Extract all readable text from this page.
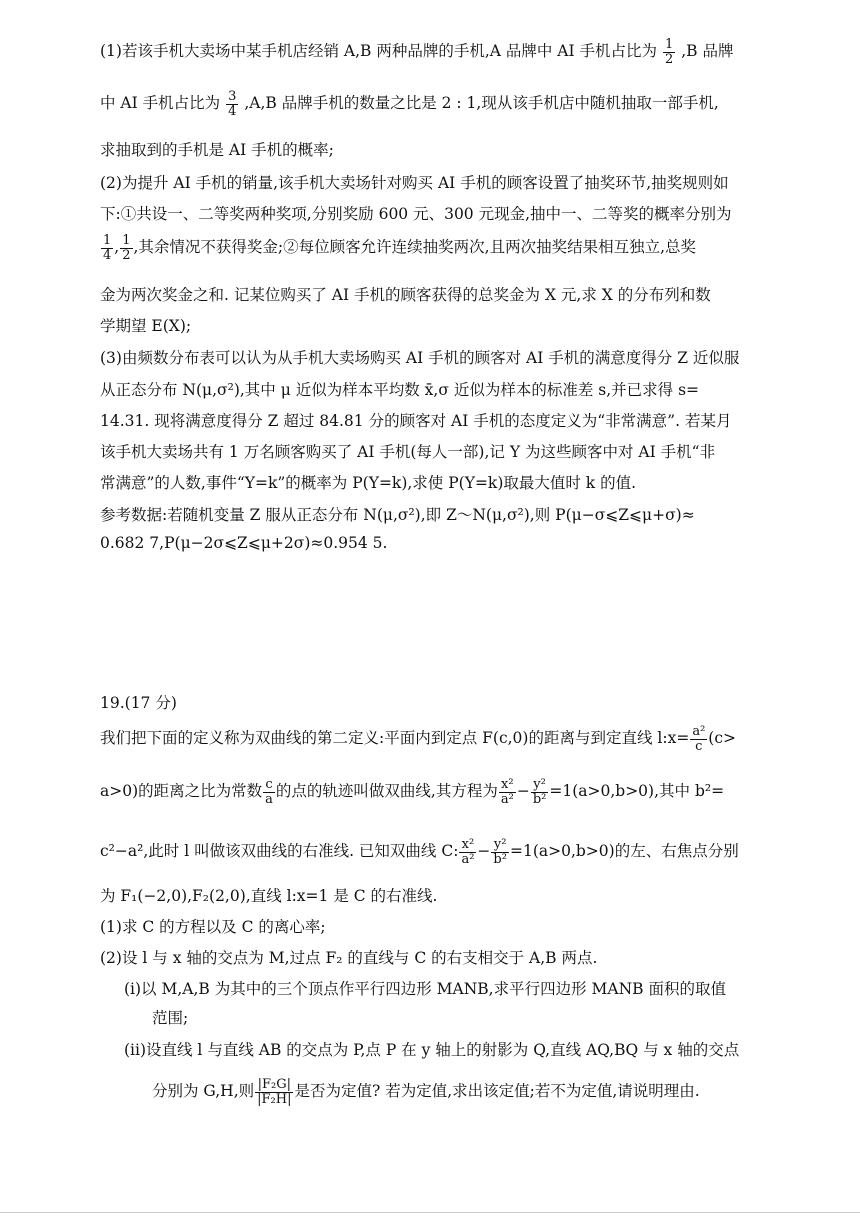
(1)若该手机大卖场中某手机店经销 A,B 两种品牌的手机,A 品牌中 AI 手机占比为 $\frac{1}{2} ,B$ 品牌
中 AI 手机占比为 $\frac{3}{4} ,A,B$ 品牌手机的数量之比是 2 : 1,现从该手机店中随机抽取一部手机,
求抽取到的手机是 AI 手机的概率;
(2)为提升 AI 手机的销量,该手机大卖场针对购买 AI 手机的顾客设置了抽奖环节,抽奖规则如
下:①共设一、二等奖两种奖项,分别奖励 600 元、300 元现金,抽中一、二等奖的概率分别为
$\frac{1}{4}$ , $\frac{1}{2}$ ,其余情况不获得奖金;②每位顾客允许连续抽奖两次,且两次抽奖结果相互独立,总奖
金为两次奖金之和. 记某位购买了 AI 手机的顾客获得的总奖金为 X 元,求 X 的分布列和数
学期望 E(X);
(3)由频数分布表可以认为从手机大卖场购买 AI 手机的顾客对 AI 手机的满意度得分 Z 近似服
从正态分布 N(μ,σ²),其中 μ 近似为样本平均数 x̄,σ 近似为样本的标准差 s,并已求得 s=
14.31. 现将满意度得分 Z 超过 84.81 分的顾客对 AI 手机的态度定义为“非常满意”. 若某月
该手机大卖场共有 1 万名顾客购买了 AI 手机(每人一部),记 Y 为这些顾客中对 AI 手机“非
常满意”的人数,事件“Y=k”的概率为 P(Y=k),求使 P(Y=k)取最大值时 k 的值.
参考数据:若随机变量 Z 服从正态分布 N(μ,σ²),即 Z～N(μ,σ²),则 P(μ−σ⩽Z⩽μ+σ)≈
0.682 7,P(μ−2σ⩽Z⩽μ+2σ)≈0.954 5.
19.(17 分)
我们把下面的定义称为双曲线的第二定义:平面内到定点 F(c,0)的距离与到定直线 l:x= $\frac{\text{a²}}{c} (c>$
a>0)的距离之比为常数 $\frac{c}{a}$ 的点的轨迹叫做双曲线,其方程为 $\frac{\text{x²}}{\text{a²}} - \frac{\text{y²}}{\text{b²}} =1(a>0,b>0)$,其中 b²=
c²−a²,此时 l 叫做该双曲线的右准线. 已知双曲线 C: $\frac{\text{x²}}{\text{a²}} - \frac{\text{y²}}{\text{b²}} =1(a>0,b>0)$的左、右焦点分别
为 F₁(−2,0),F₂(2,0),直线 l:x=1 是 C 的右准线.
(1)求 C 的方程以及 C 的离心率;
(2)设 l 与 x 轴的交点为 M,过点 F₂ 的直线与 C 的右支相交于 A,B 两点.
(i)以 M,A,B 为其中的三个顶点作平行四边形 MANB,求平行四边形 MANB 面积的取值
范围;
(ii)设直线 l 与直线 AB 的交点为 P,点 P 在 y 轴上的射影为 Q,直线 AQ,BQ 与 x 轴的交点
分别为 G,H,则 $\frac{\text{|F₂G|}}{\text{|F₂H|}}$ 是否为定值? 若为定值,求出该定值;若不为定值,请说明理由.
